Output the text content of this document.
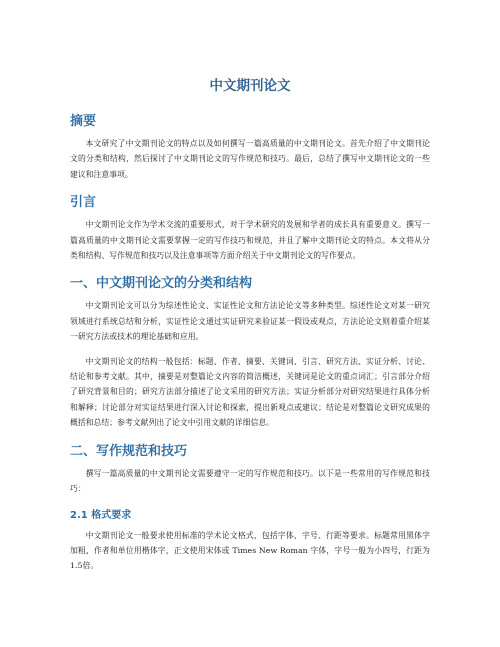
中文期刊论文
摘要

本文研究了中文期刊论文的特点以及如何撰写一篇高质量的中文期刊论文。首先介绍了中文期刊论文的分类和结构，然后探讨了中文期刊论文的写作规范和技巧。最后，总结了撰写中文期刊论文的一些建议和注意事项。

引言

中文期刊论文作为学术交流的重要形式，对于学术研究的发展和学者的成长具有重要意义。撰写一篇高质量的中文期刊论文需要掌握一定的写作技巧和规范，并且了解中文期刊论文的特点。本文将从分类和结构、写作规范和技巧以及注意事项等方面介绍关于中文期刊论文的写作要点。

一、中文期刊论文的分类和结构

中文期刊论文可以分为综述性论文、实证性论文和方法论论文等多种类型。综述性论文对某一研究领域进行系统总结和分析，实证性论文通过实证研究来验证某一假设或观点，方法论论文则着重介绍某一研究方法或技术的理论基础和应用。

中文期刊论文的结构一般包括：标题、作者、摘要、关键词、引言、研究方法、实证分析、讨论、结论和参考文献。其中，摘要是对整篇论文内容的简洁概述，关键词是论文的重点词汇；引言部分介绍了研究背景和目的；研究方法部分描述了论文采用的研究方法；实证分析部分对研究结果进行具体分析和解释；讨论部分对实证结果进行深入讨论和探索，提出新观点或建议；结论是对整篇论文研究成果的概括和总结；参考文献列出了论文中引用文献的详细信息。

二、写作规范和技巧

撰写一篇高质量的中文期刊论文需要遵守一定的写作规范和技巧。以下是一些常用的写作规范和技巧：

2.1 格式要求

中文期刊论文一般要求使用标准的学术论文格式，包括字体、字号、行距等要求。标题常用黑体字加粗，作者和单位用楷体字，正文使用宋体或 Times New Roman 字体，字号一般为小四号，行距为1.5倍。
